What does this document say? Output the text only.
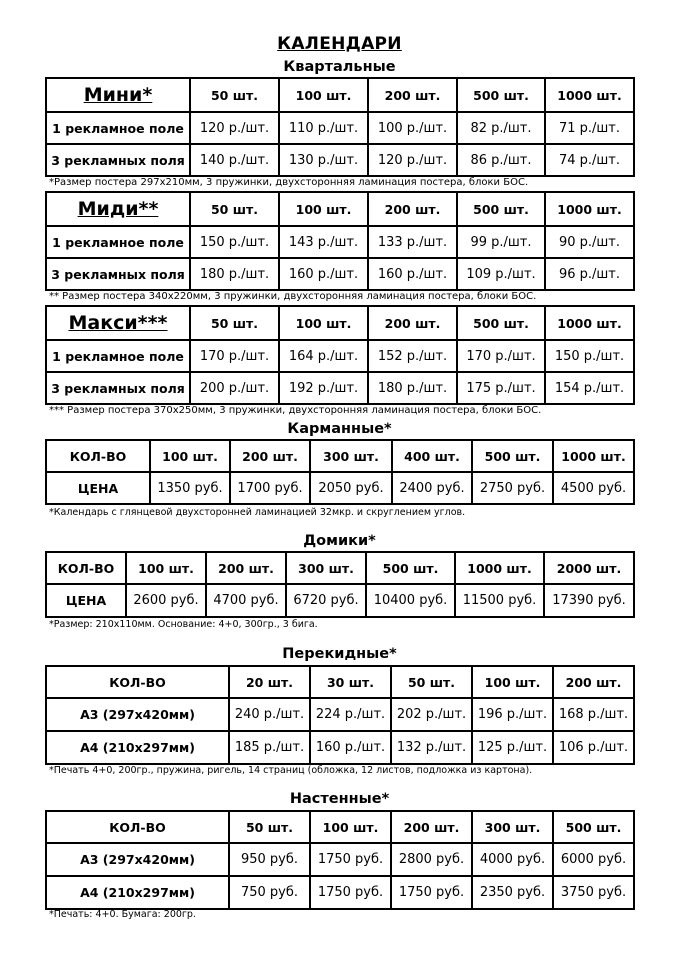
КАЛЕНДАРИ
Квартальные
Мини*	50 шт.	100 шт.	200 шт.	500 шт.	1000 шт.
1 рекламное поле	120 р./шт.	110 р./шт.	100 р./шт.	82 р./шт.	71 р./шт.
3 рекламных поля	140 р./шт.	130 р./шт.	120 р./шт.	86 р./шт.	74 р./шт.
*Размер постера 297х210мм, 3 пружинки, двухсторонняя ламинация постера, блоки БОС.
Миди**	50 шт.	100 шт.	200 шт.	500 шт.	1000 шт.
1 рекламное поле	150 р./шт.	143 р./шт.	133 р./шт.	99 р./шт.	90 р./шт.
3 рекламных поля	180 р./шт.	160 р./шт.	160 р./шт.	109 р./шт.	96 р./шт.
** Размер постера 340х220мм, 3 пружинки, двухсторонняя ламинация постера, блоки БОС.
Макси***	50 шт.	100 шт.	200 шт.	500 шт.	1000 шт.
1 рекламное поле	170 р./шт.	164 р./шт.	152 р./шт.	170 р./шт.	150 р./шт.
3 рекламных поля	200 р./шт.	192 р./шт.	180 р./шт.	175 р./шт.	154 р./шт.
*** Размер постера 370х250мм, 3 пружинки, двухсторонняя ламинация постера, блоки БОС.
Карманные*
КОЛ-ВО	100 шт.	200 шт.	300 шт.	400 шт.	500 шт.	1000 шт.
ЦЕНА	1350 руб.	1700 руб.	2050 руб.	2400 руб.	2750 руб.	4500 руб.
*Календарь с глянцевой двухсторонней ламинацией 32мкр. и скруглением углов.
Домики*
КОЛ-ВО	100 шт.	200 шт.	300 шт.	500 шт.	1000 шт.	2000 шт.
ЦЕНА	2600 руб.	4700 руб.	6720 руб.	10400 руб.	11500 руб.	17390 руб.
*Размер: 210х110мм. Основание: 4+0, 300гр., 3 бига.
Перекидные*
КОЛ-ВО	20 шт.	30 шт.	50 шт.	100 шт.	200 шт.
А3 (297х420мм)	240 р./шт.	224 р./шт.	202 р./шт.	196 р./шт.	168 р./шт.
А4 (210х297мм)	185 р./шт.	160 р./шт.	132 р./шт.	125 р./шт.	106 р./шт.
*Печать 4+0, 200гр., пружина, ригель, 14 страниц (обложка, 12 листов, подложка из картона).
Настенные*
КОЛ-ВО	50 шт.	100 шт.	200 шт.	300 шт.	500 шт.
А3 (297х420мм)	950 руб.	1750 руб.	2800 руб.	4000 руб.	6000 руб.
А4 (210х297мм)	750 руб.	1750 руб.	1750 руб.	2350 руб.	3750 руб.
*Печать: 4+0. Бумага: 200гр.
